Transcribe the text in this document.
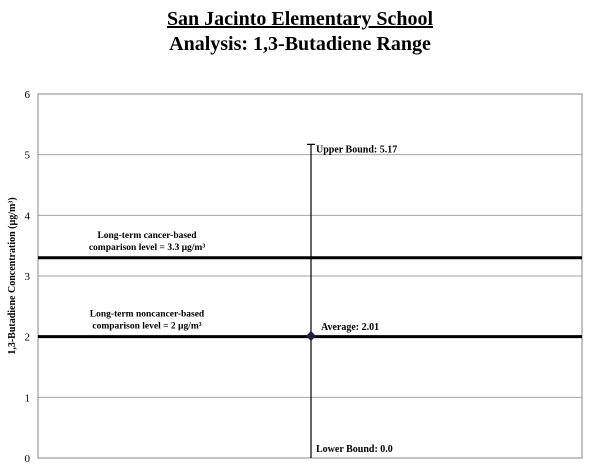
San Jacinto Elementary School
Analysis: 1,3-Butadiene Range
0
1
2
3
4
5
6
1,3-Butadiene Concentration (µg/m³)	Long-term cancer-based
comparison level = 3.3 µg/m³
Long-term noncancer-based
comparison level = 2 µg/m³
Upper Bound: 5.17
Average: 2.01
Lower Bound: 0.0
